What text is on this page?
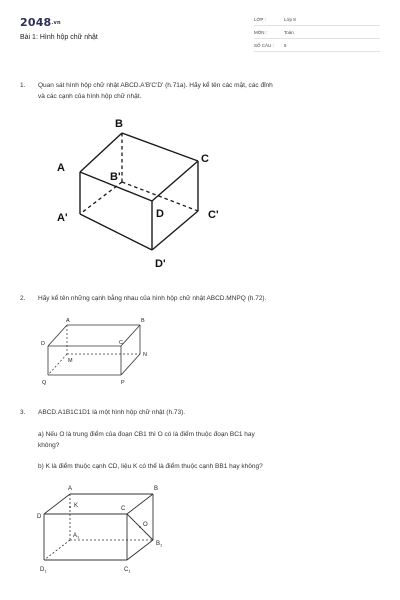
2048.vn
Bài 1: Hình hộp chữ nhật
LỚP :	Lớp 8
MÔN :	Toán
SỐ CÂU : 5
1. Quan sát hình hộp chữ nhật ABCD.A'B'C'D' (h.71a). Hãy kể tên các mặt, các đỉnh
và các cạnh của hình hộp chữ nhật.
B
C
A
B'
D	C'
A'
D'
2. Hãy kể tên những cạnh bằng nhau của hình hộp chữ nhật ABCD.MNPQ (h.72).
A	B
D	C
N
M
Q	P
3. ABCD.A1B1C1D1 là một hình hộp chữ nhật (h.73).
a) Nếu O là trung điểm của đoạn CB1 thì O có là điểm thuộc đoạn BC1 hay
không?
b) K là điểm thuộc cạnh CD, liệu K có thể là điểm thuộc cạnh BB1 hay không?
A	B
K
D
C
O
$A_1$
$B_1$
$D_1$	$C_1$
